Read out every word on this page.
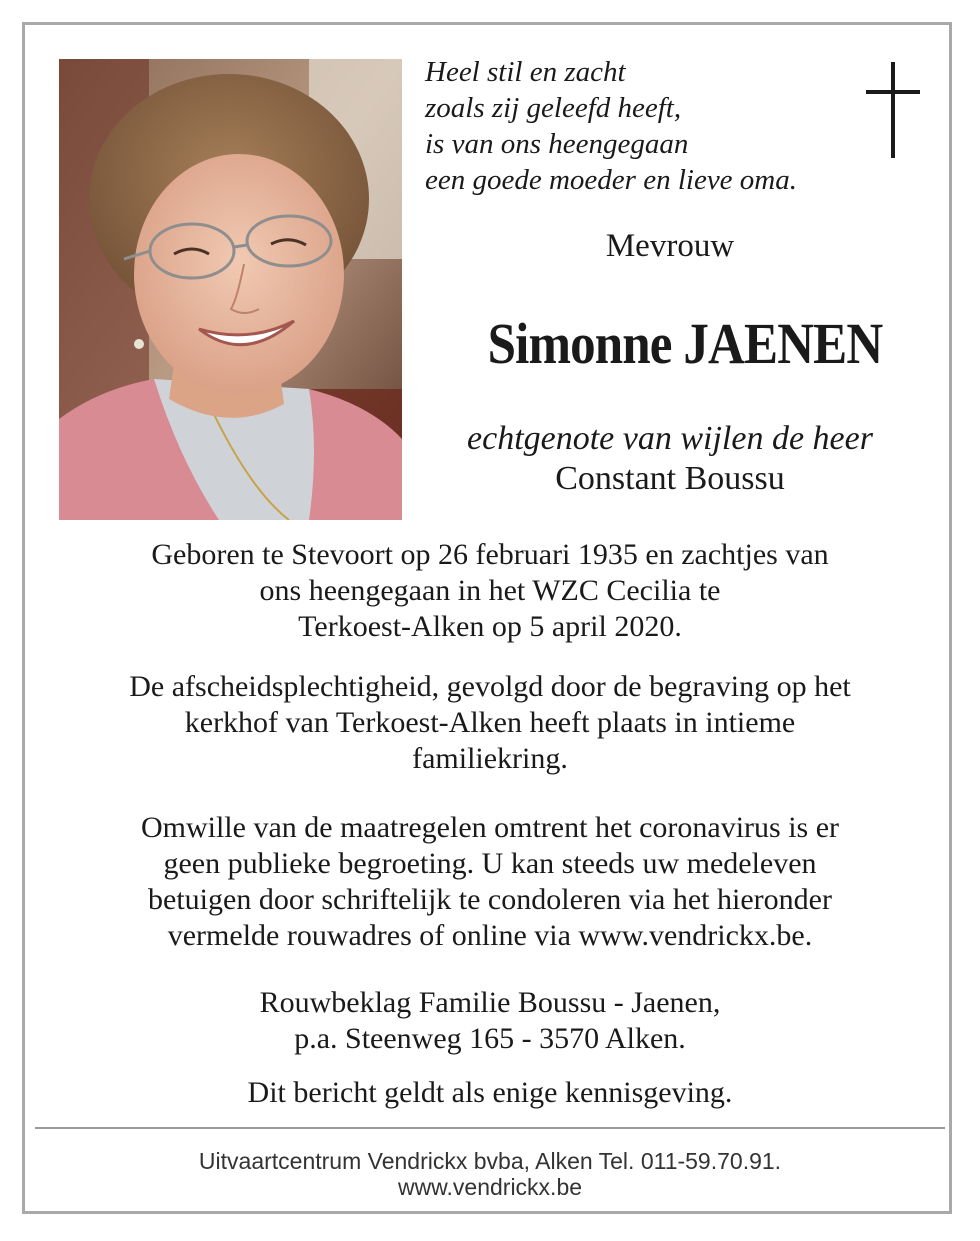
Heel stil en zacht
zoals zij geleefd heeft,
is van ons heengegaan
een goede moeder en lieve oma.

Mevrouw

Simonne JAENEN

echtgenote van wijlen de heer

Constant Boussu

Geboren te Stevoort op 26 februari 1935 en zachtjes van
ons heengegaan in het WZC Cecilia te
Terkoest-Alken op 5 april 2020.

De afscheidsplechtigheid, gevolgd door de begraving op het
kerkhof van Terkoest-Alken heeft plaats in intieme
familiekring.

Omwille van de maatregelen omtrent het coronavirus is er
geen publieke begroeting. U kan steeds uw medeleven
betuigen door schriftelijk te condoleren via het hieronder
vermelde rouwadres of online via www.vendrickx.be.

Rouwbeklag Familie Boussu - Jaenen,
p.a. Steenweg 165 - 3570 Alken.

Dit bericht geldt als enige kennisgeving.

Uitvaartcentrum Vendrickx bvba, Alken Tel. 011-59.70.91.

www.vendrickx.be
